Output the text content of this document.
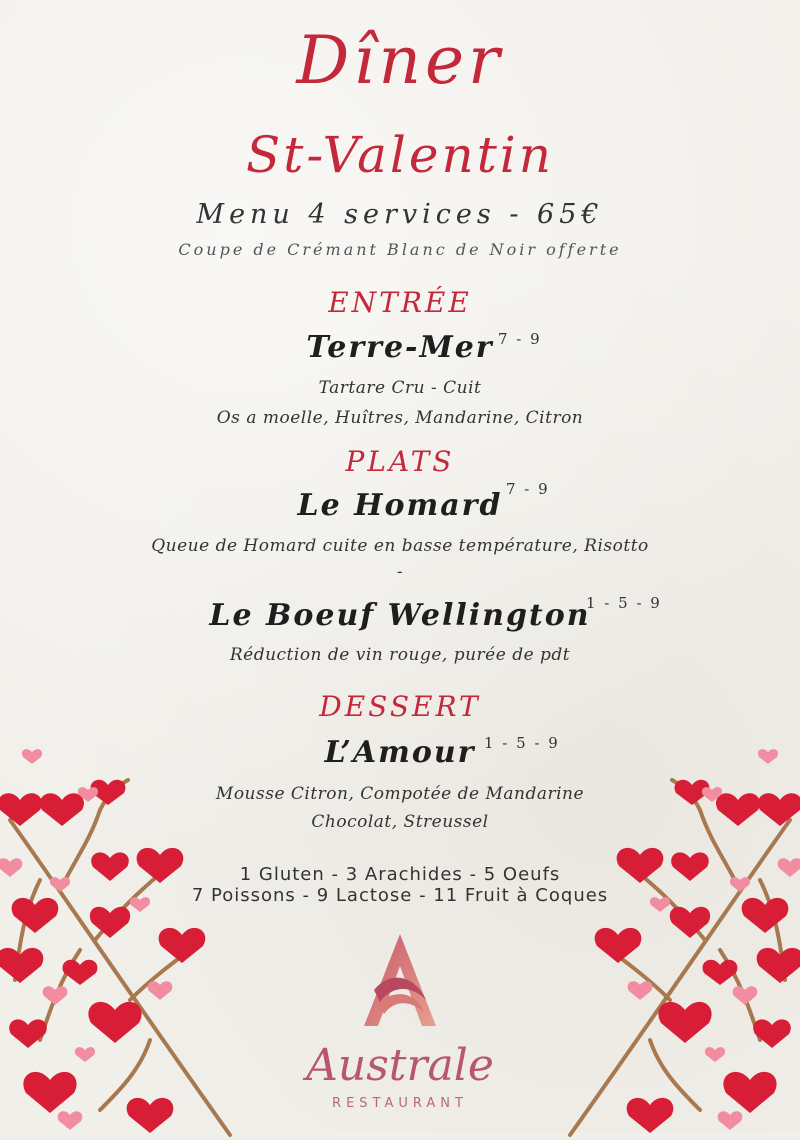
Dîner
St-Valentin
Menu 4 services - 65€
Coupe de Crémant Blanc de Noir offerte
ENTRÉE
Terre-Mer 7 - 9
Tartare Cru - Cuit
Os a moelle, Huîtres, Mandarine, Citron
PLATS
Le Homard 7 - 9
Queue de Homard cuite en basse température, Risotto
-
Le Boeuf Wellington
1 - 5 - 9
Réduction de vin rouge, purée de pdt
DESSERT
L’Amour 1 - 5 - 9
Mousse Citron, Compotée de Mandarine
Chocolat, Streussel
1 Gluten - 3 Arachides - 5 Oeufs
7 Poissons - 9 Lactose - 11 Fruit à Coques
Australe
RESTAURANT
